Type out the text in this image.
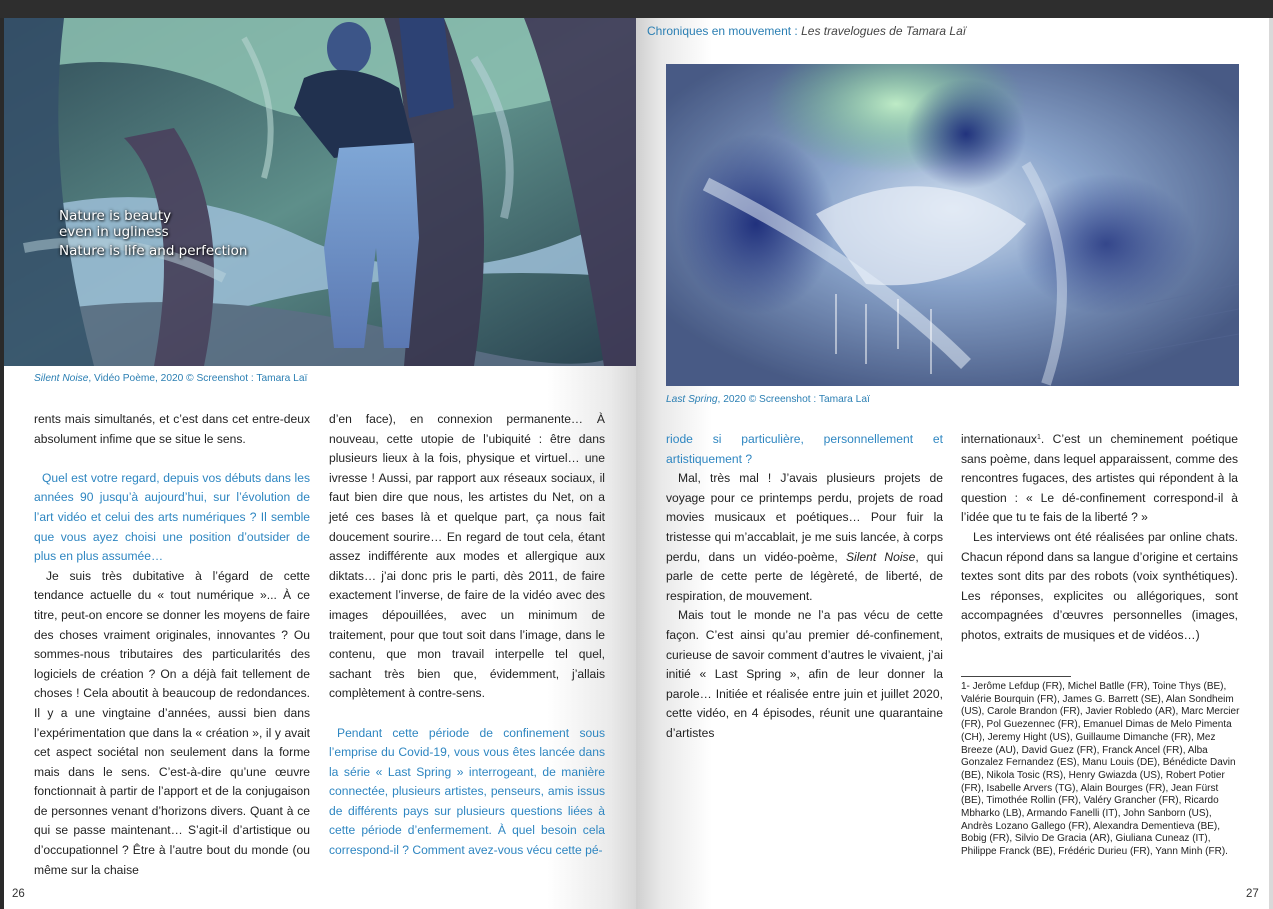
Nature is beauty
even in ugliness
Nature is life and perfection
Silent Noise, Vidéo Poème, 2020 © Screenshot : Tamara Laï

rents mais simultanés, et c’est dans cet entre-deux absolument infime que se situe le sens.

Quel est votre regard, depuis vos débuts dans les années 90 jusqu’à aujourd’hui, sur l’évolution de l’art vidéo et celui des arts numériques ? Il semble que vous ayez choisi une position d’outsider de plus en plus assumée…

Je suis très dubitative à l’égard de cette tendance actuelle du « tout numérique »... À ce titre, peut-on encore se donner les moyens de faire des choses vraiment originales, innovantes ? Ou sommes-nous tributaires des particularités des logiciels de création ? On a déjà fait tellement de choses ! Cela aboutit à beaucoup de redondances. Il y a une vingtaine d’années, aussi bien dans l’expérimentation que dans la « création », il y avait cet aspect sociétal non seulement dans la forme mais dans le sens. C’est-à-dire qu’une œuvre fonctionnait à partir de l’apport et de la conjugaison de personnes venant d’horizons divers. Quant à ce qui se passe maintenant… S’agit-il d’artistique ou d’occupationnel ? Être à l’autre bout du monde (ou même sur la chaise

d’en face), en connexion permanente… À nouveau, cette utopie de l’ubiquité : être dans plusieurs lieux à la fois, physique et virtuel… une ivresse ! Aussi, par rapport aux réseaux sociaux, il faut bien dire que nous, les artistes du Net, on a jeté ces bases là et quelque part, ça nous fait doucement sourire… En regard de tout cela, étant assez indifférente aux modes et allergique aux diktats… j’ai donc pris le parti, dès 2011, de faire exactement l’inverse, de faire de la vidéo avec des images dépouillées, avec un minimum de traitement, pour que tout soit dans l’image, dans le contenu, que mon travail interpelle tel quel, sachant très bien que, évidemment, j’allais complètement à contre-sens.

Pendant cette période de confinement sous l’emprise du Covid-19, vous vous êtes lancée dans la série « Last Spring » interrogeant, de manière connectée, plusieurs artistes, penseurs, amis issus de différents pays sur plusieurs questions liées à cette période d’enfermement. À quel besoin cela correspond-il ? Comment avez-vous vécu cette pé-

26
Chroniques en mouvement : Les travelogues de Tamara Laï
Last Spring, 2020 © Screenshot : Tamara Laï

riode si particulière, personnellement et artistiquement ?

Mal, très mal ! J’avais plusieurs projets de voyage pour ce printemps perdu, projets de road movies musicaux et poétiques… Pour fuir la tristesse qui m’accablait, je me suis lancée, à corps perdu, dans un vidéo-poème, Silent Noise, qui parle de cette perte de légèreté, de liberté, de respiration, de mouvement.

Mais tout le monde ne l’a pas vécu de cette façon. C’est ainsi qu’au premier dé-confinement, curieuse de savoir comment d’autres le vivaient, j’ai initié « Last Spring », afin de leur donner la parole… Initiée et réalisée entre juin et juillet 2020, cette vidéo, en 4 épisodes, réunit une quarantaine d’artistes

internationaux$^1$. C’est un cheminement poétique sans poème, dans lequel apparaissent, comme des rencontres fugaces, des artistes qui répondent à la question : « Le dé-confinement correspond-il à l’idée que tu te fais de la liberté ? »

Les interviews ont été réalisées par online chats. Chacun répond dans sa langue d’origine et certains textes sont dits par des robots (voix synthétiques). Les réponses, explicites ou allégoriques, sont accompagnées d’œuvres personnelles (images, photos, extraits de musiques et de vidéos…)

1- Jerôme Lefdup (FR), Michel Batlle (FR), Toine Thys (BE), Valérie Bourquin (FR), James G. Barrett (SE), Alan Sondheim (US), Carole Brandon (FR), Javier Robledo (AR), Marc Mercier (FR), Pol Guezennec (FR), Emanuel Dimas de Melo Pimenta (CH), Jeremy Hight (US), Guillaume Dimanche (FR), Mez Breeze (AU), David Guez (FR), Franck Ancel (FR), Alba Gonzalez Fernandez (ES), Manu Louis (DE), Bénédicte Davin (BE), Nikola Tosic (RS), Henry Gwiazda (US), Robert Potier (FR), Isabelle Arvers (TG), Alain Bourges (FR), Jean Fürst (BE), Timothée Rollin (FR), Valéry Grancher (FR), Ricardo Mbharko (LB), Armando Fanelli (IT), John Sanborn (US), Andrès Lozano Gallego (FR), Alexandra Dementieva (BE), Bobig (FR), Silvio De Gracia (AR), Giuliana Cuneaz (IT), Philippe Franck (BE), Frédéric Durieu (FR), Yann Minh (FR).
27
